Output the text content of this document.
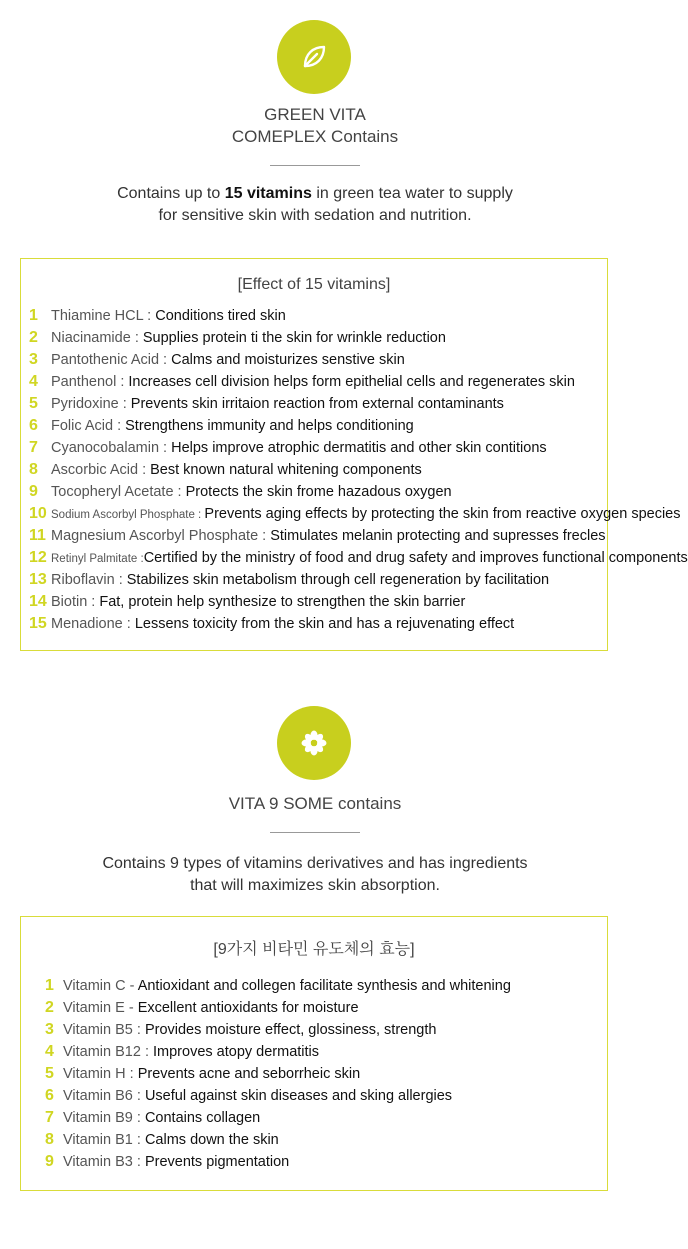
GREEN VITA
COMEPLEX Contains
Contains up to 15 vitamins in green tea water to supply
for sensitive skin with sedation and nutrition.
[Effect of 15 vitamins]
1 Thiamine HCL : Conditions tired skin
2 Niacinamide : Supplies protein ti the skin for wrinkle reduction
3 Pantothenic Acid : Calms and moisturizes senstive skin
4 Panthenol : Increases cell division helps form epithelial cells and regenerates skin
5 Pyridoxine : Prevents skin irritaion reaction from external contaminants
6 Folic Acid : Strengthens immunity and helps conditioning
7 Cyanocobalamin : Helps improve atrophic dermatitis and other skin contitions
8 Ascorbic Acid : Best known natural whitening components
9 Tocopheryl Acetate : Protects the skin frome hazadous oxygen
10 Sodium Ascorbyl Phosphate : Prevents aging effects by protecting the skin from reactive oxygen species
11 Magnesium Ascorbyl Phosphate : Stimulates melanin protecting and supresses frecles
12 Retinyl Palmitate :Certified by the ministry of food and drug safety and improves functional components
13 Riboflavin : Stabilizes skin metabolism through cell regeneration by facilitation
14 Biotin : Fat, protein help synthesize to strengthen the skin barrier
15 Menadione : Lessens toxicity from the skin and has a rejuvenating effect
VITA 9 SOME contains
Contains 9 types of vitamins derivatives and has ingredients
that will maximizes skin absorption.
[9가지 비타민 유도체의 효능]
1 Vitamin C - Antioxidant and collegen facilitate synthesis and whitening
2 Vitamin E - Excellent antioxidants for moisture
3 Vitamin B5 : Provides moisture effect, glossiness, strength
4 Vitamin B12 : Improves atopy dermatitis
5 Vitamin H : Prevents acne and seborrheic skin
6 Vitamin B6 : Useful against skin diseases and sking allergies
7 Vitamin B9 : Contains collagen
8 Vitamin B1 : Calms down the skin
9 Vitamin B3 : Prevents pigmentation
